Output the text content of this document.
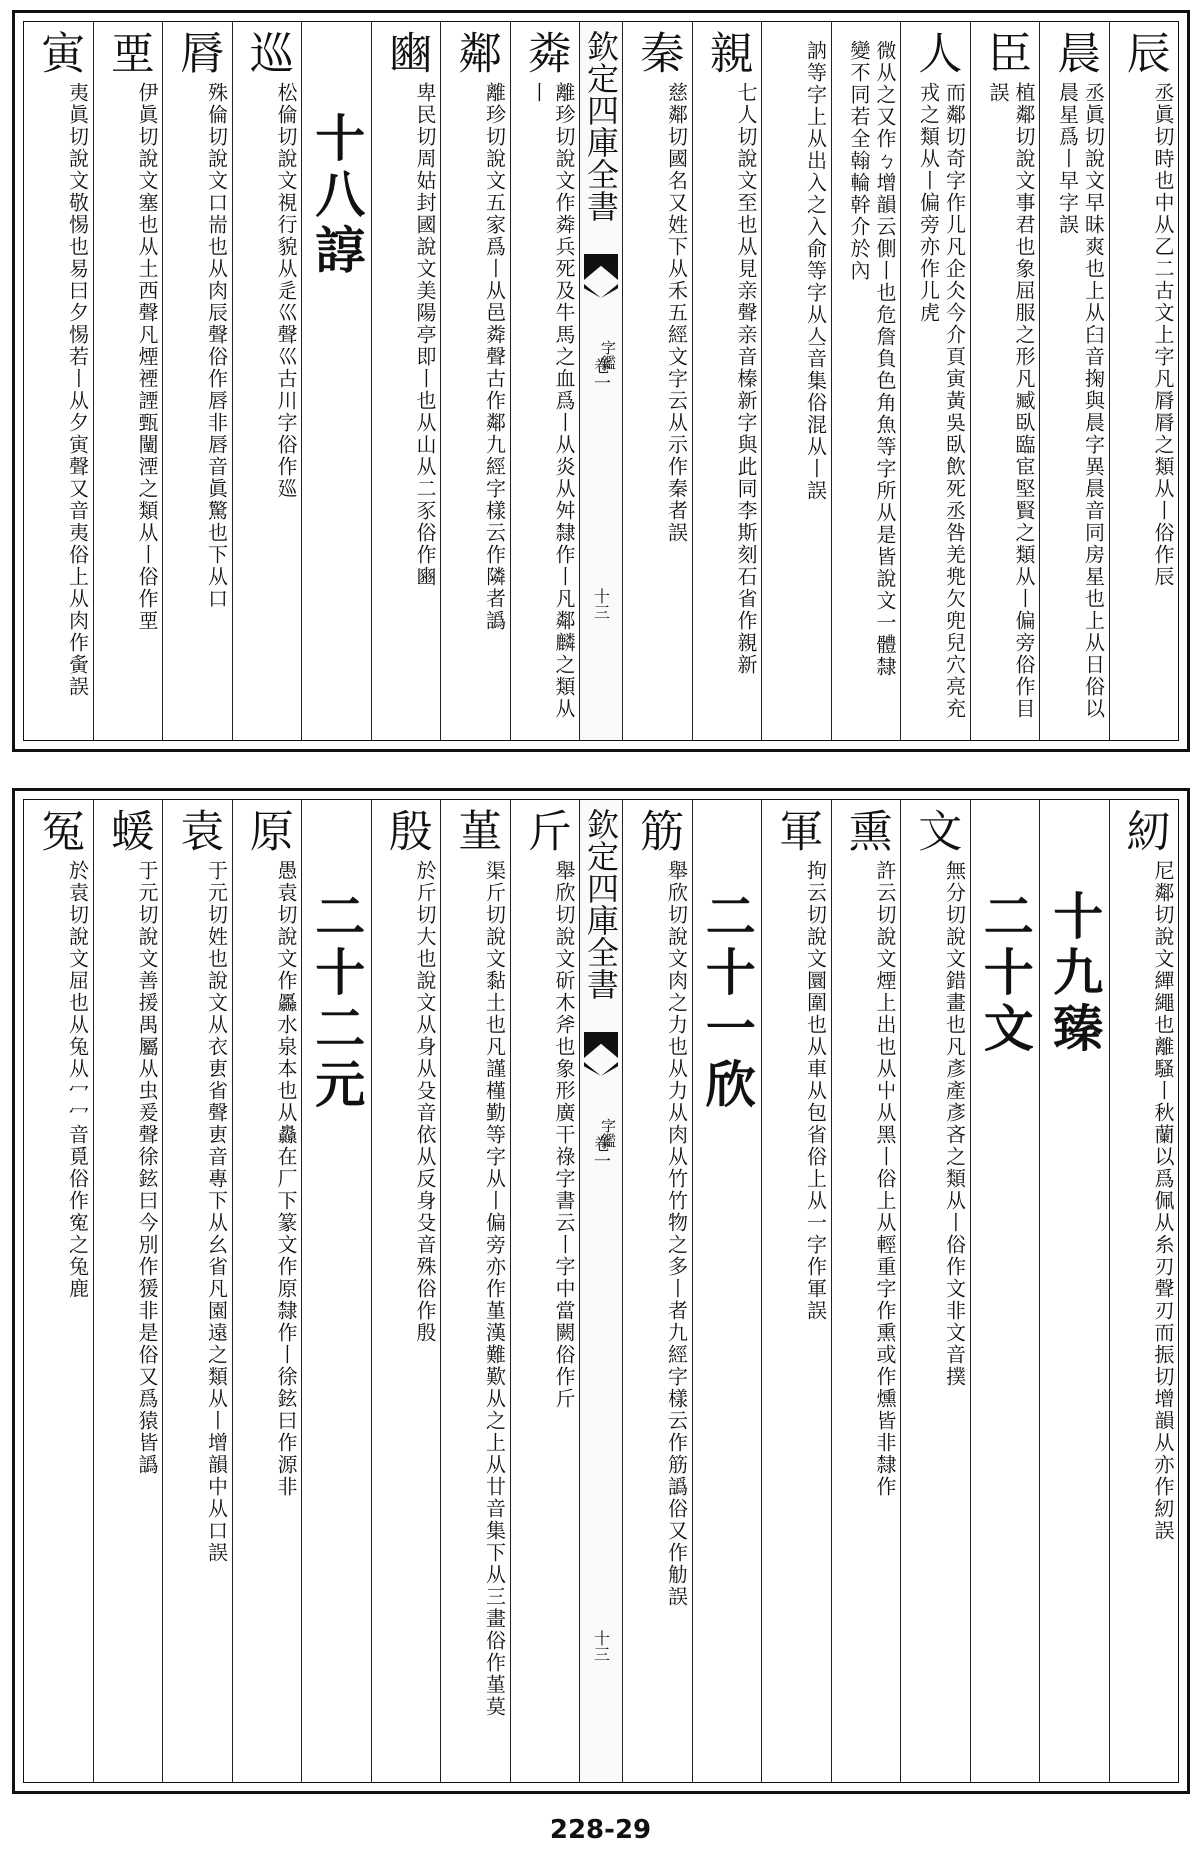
辰
丞眞切時也中从乙二古文上字凡脣脣之類从丨俗作辰
晨
丞眞切說文早昧爽也上从臼音掬與晨字異晨音同房星也上从日俗以晨星爲丨早字誤
臣
植鄰切說文事君也象屈服之形凡臧臥臨宦堅賢之類从丨偏旁俗作目誤
人
而鄰切奇字作儿凡企仌今介頁寅黃吳臥飲死丞咎羌兠欠兜兒穴亮充戎之類从丨偏旁亦作儿虎
微从之又作ㄅ增韻云側丨也危詹負色角魚等字所从是皆說文一體隸變不同若全翰輪幹介於內
訥等字上从出入之入俞等字从亼音集俗混从丨誤
親
七人切說文至也从見亲聲亲音榛新字與此同李斯刻石省作親新
秦
慈鄰切國名又姓下从禾五經文字云从示作秦者誤
欽定四庫全書
字鑑
卷一
十三
粦
離珍切說文作粦兵死及牛馬之血爲丨从炎从舛隸作丨凡鄰麟之類从丨
鄰
離珍切說文五家爲丨从邑粦聲古作鄰九經字樣云作隣者譌
豳
卑民切周姑封國說文美陽亭即丨也从山从二豕俗作豳
十八諄
巡
松倫切說文視行貌从辵巛聲巛古川字俗作廵
脣
殊倫切說文口耑也从肉辰聲俗作唇非唇音眞驚也下从口
垔
伊眞切說文塞也从土西聲凡煙禋諲甄闉湮之類从丨俗作垔
寅
夷眞切說文敬惕也易曰夕惕若丨从夕寅聲又音夷俗上从肉作夤誤
紉
尼鄰切說文繟繩也離騷丨秋蘭以爲佩从糸刃聲刃而振切增韻从亦作紉誤
十九臻
二十文
文
無分切說文錯畫也凡彥產彥吝之類从丨俗作文非文音撲
熏
許云切說文煙上出也从屮从黑丨俗上从輕重字作熏或作燻皆非隸作
軍
拘云切說文圜圍也从車从包省俗上从一字作軍誤
二十一欣
筋
舉欣切說文肉之力也从力从肉从竹竹物之多丨者九經字樣云作筋譌俗又作觔誤
欽定四庫全書
字鑑
卷一
十三
斤
舉欣切說文斫木斧也象形廣干祿字書云丨字中當闕俗作斤
堇
渠斤切說文黏土也凡謹槿勤等字从丨偏旁亦作堇漢難歎从之上从廿音集下从三畫俗作堇莫
殷
於斤切大也說文从身从殳音依从反身殳音殊俗作殷
二十二元
原
愚袁切說文作厵水泉本也从灥在厂下篆文作原隸作丨徐鉉曰作源非
袁
于元切姓也說文从衣叀省聲叀音專下从幺省凡園遠之類从丨增韻中从口誤
蝯
于元切說文善援禺屬从虫爰聲徐鉉曰今別作猨非是俗又爲猿皆譌
冤
於袁切說文屈也从兔从冖冖音覓俗作寃之兔鹿
228-29
